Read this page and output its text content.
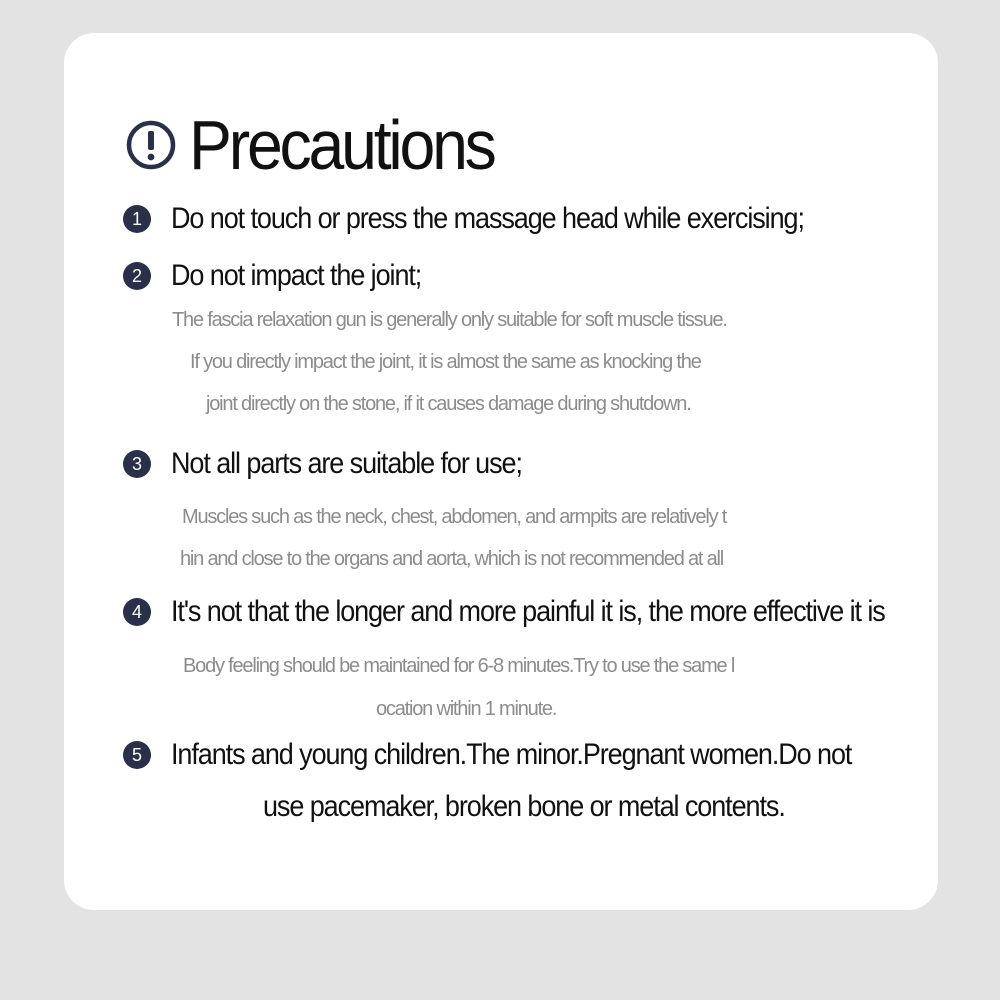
Precautions
1 Do not touch or press the massage head while exercising;
2 Do not impact the joint;
The fascia relaxation gun is generally only suitable for soft muscle tissue.
If you directly impact the joint, it is almost the same as knocking the
joint directly on the stone, if it causes damage during shutdown.
3 Not all parts are suitable for use;
Muscles such as the neck, chest, abdomen, and armpits are relatively t
hin and close to the organs and aorta, which is not recommended at all
4 It's not that the longer and more painful it is, the more effective it is
Body feeling should be maintained for 6-8 minutes.Try to use the same l
ocation within 1 minute.
5 Infants and young children.The minor.Pregnant women.Do not
use pacemaker, broken bone or metal contents.
